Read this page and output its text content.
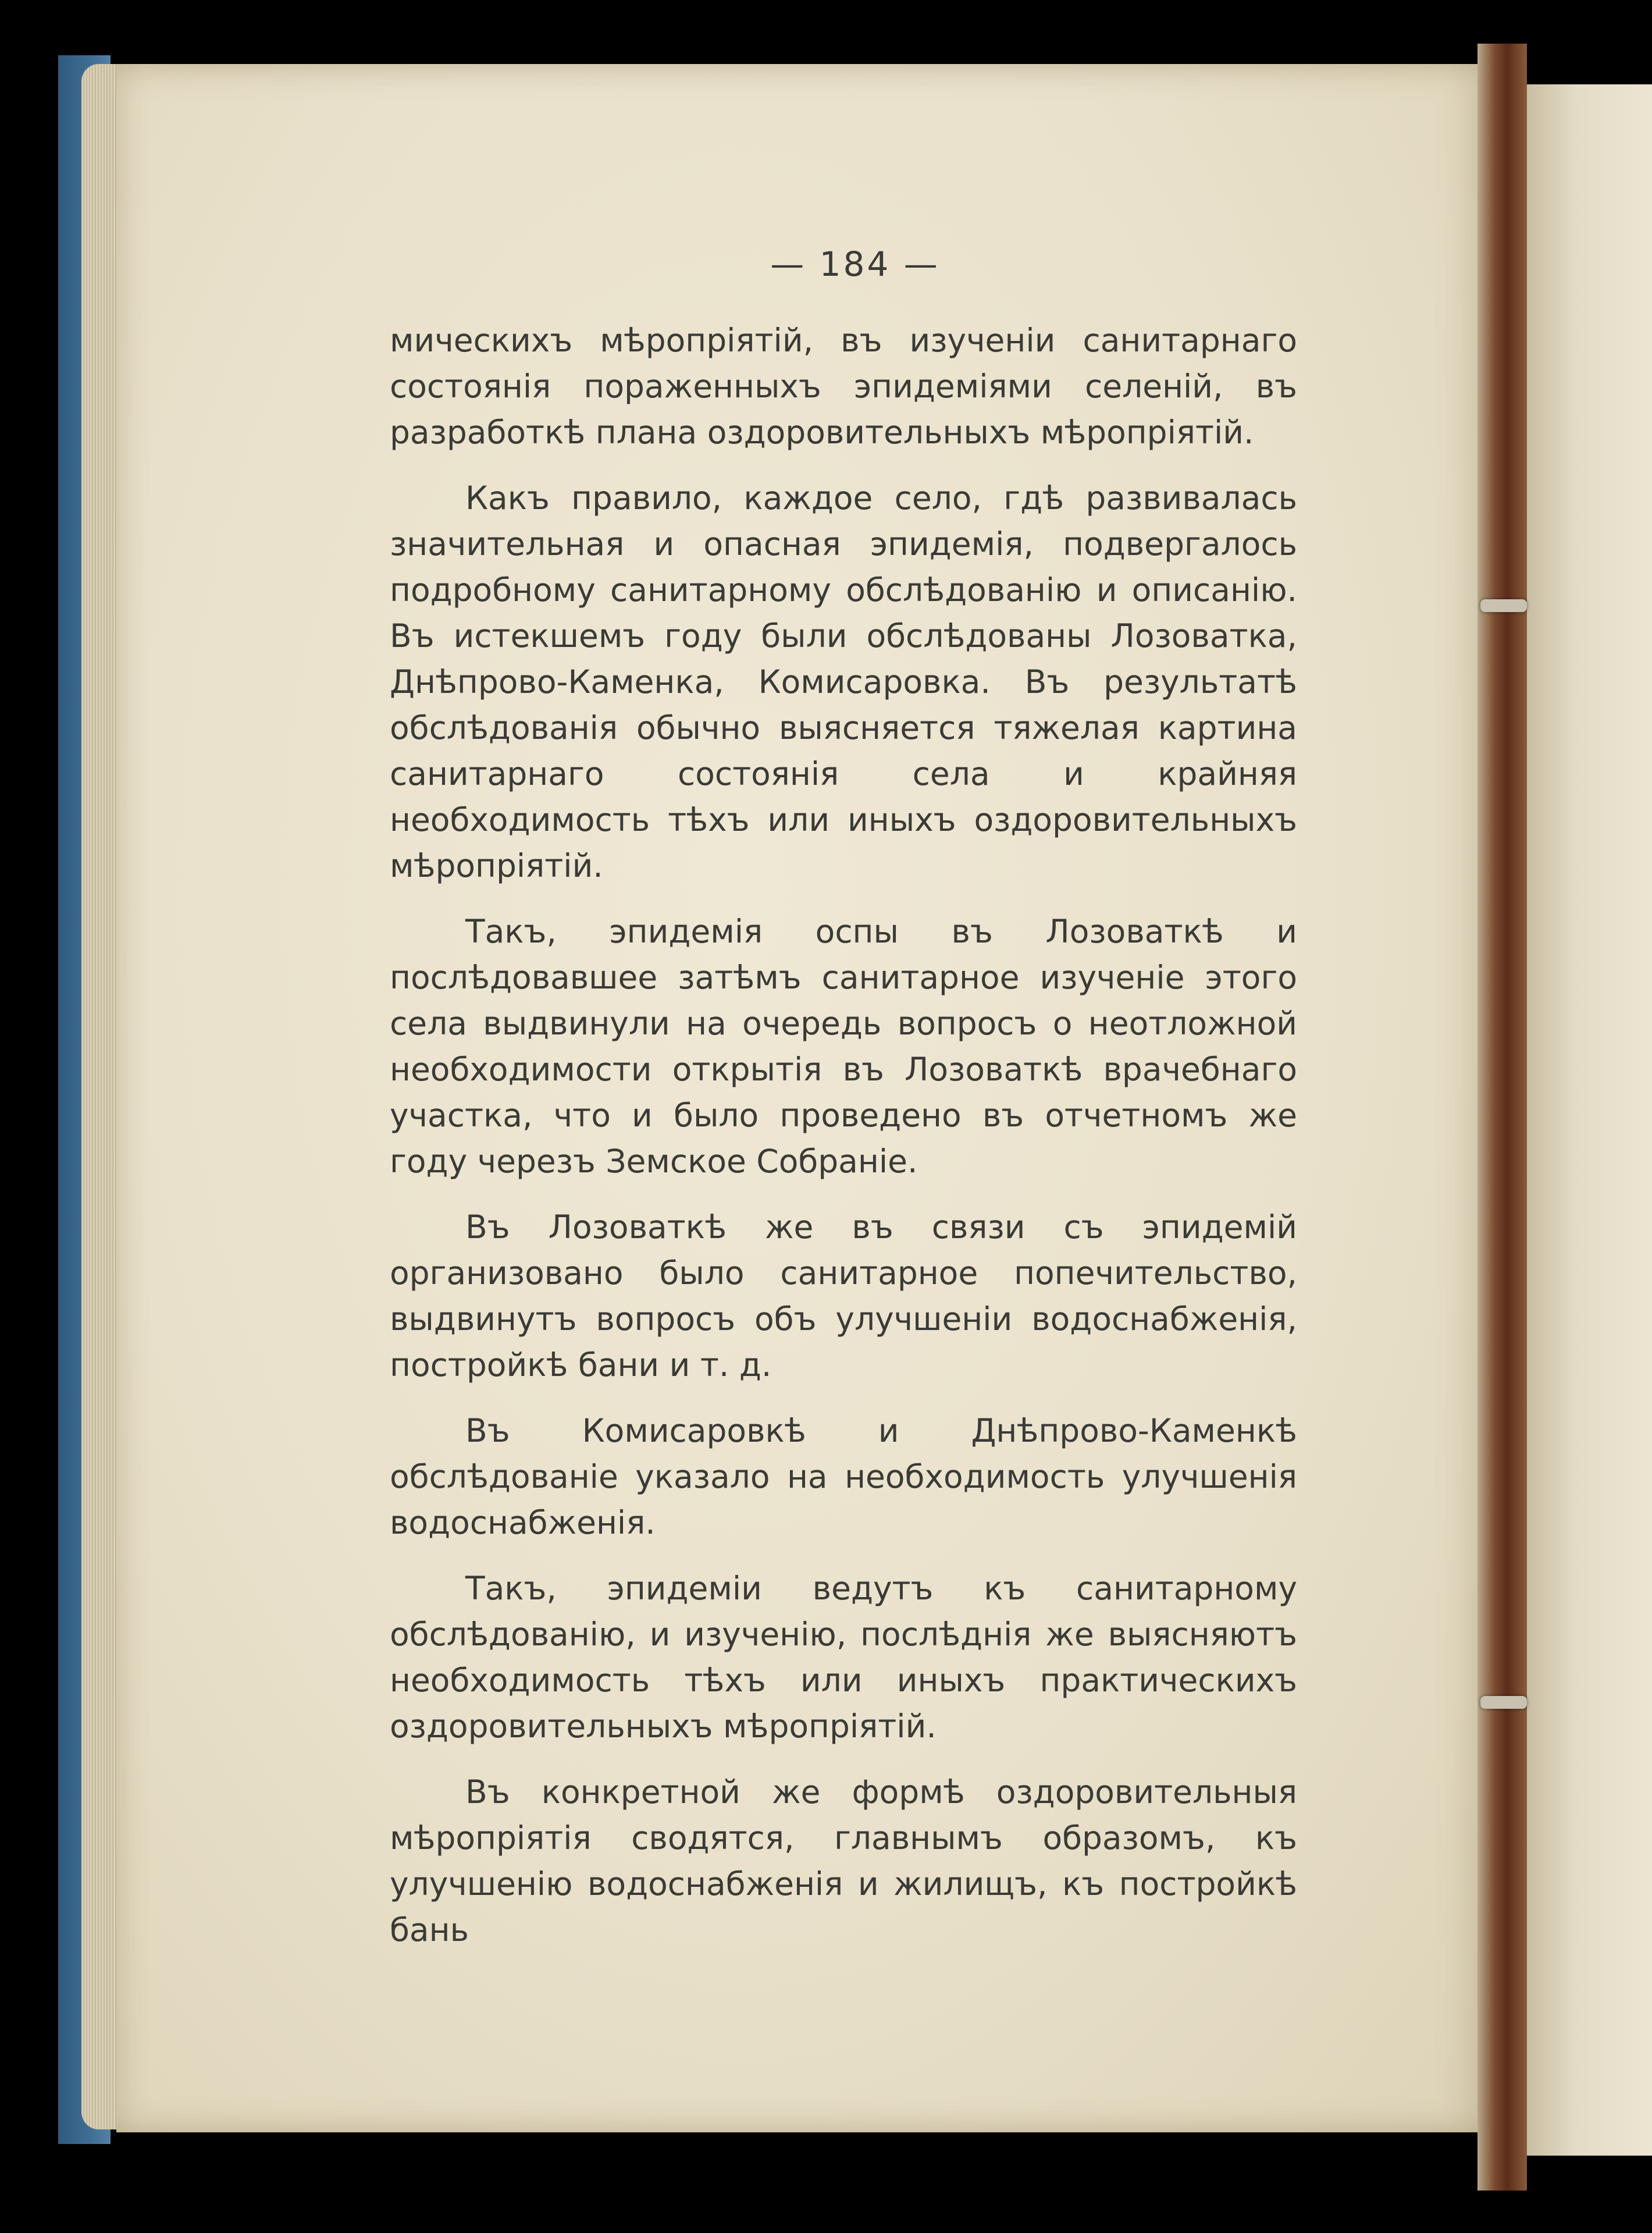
— 184 —

мическихъ мѣропріятій, въ изученіи санитарнаго состоянія пораженныхъ эпидеміями селеній, въ разработкѣ плана оздоровительныхъ мѣропріятій.

Какъ правило, каждое село, гдѣ развивалась значительная и опасная эпидемія, подвергалось подробному санитарному обслѣдованію и описанію. Въ истекшемъ году были обслѣдованы Лозоватка, Днѣпрово-Каменка, Комисаровка. Въ результатѣ обслѣдованія обычно выясняется тяжелая картина санитарнаго состоянія села и крайняя необходимость тѣхъ или иныхъ оздоровительныхъ мѣропріятій.

Такъ, эпидемія оспы въ Лозоваткѣ и послѣдовавшее затѣмъ санитарное изученіе этого села выдвинули на очередь вопросъ о неотложной необходимости открытія въ Лозоваткѣ врачебнаго участка, что и было проведено въ отчетномъ же году черезъ Земское Собраніе.

Въ Лозоваткѣ же въ связи съ эпидемій организовано было санитарное попечительство, выдвинутъ вопросъ объ улучшеніи водоснабженія, постройкѣ бани и т. д.

Въ Комисаровкѣ и Днѣпрово-Каменкѣ обслѣдованіе указало на необходимость улучшенія водоснабженія.

Такъ, эпидеміи ведутъ къ санитарному обслѣдованію, и изученію, послѣднія же выясняютъ необходимость тѣхъ или иныхъ практическихъ оздоровительныхъ мѣропріятій.

Въ конкретной же формѣ оздоровительныя мѣропріятія сводятся, главнымъ образомъ, къ улучшенію водоснабженія и жилищъ, къ постройкѣ бань
